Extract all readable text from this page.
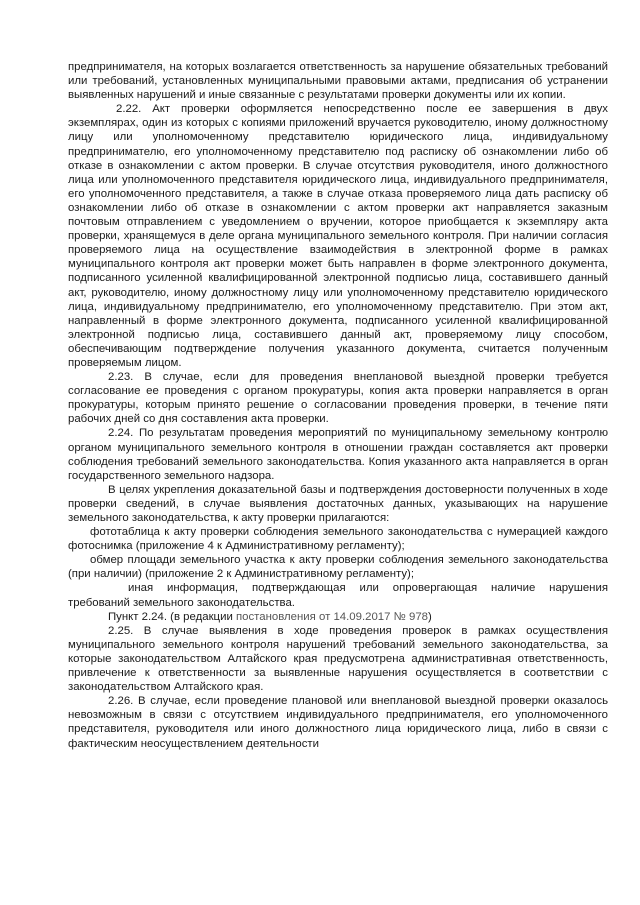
предпринимателя, на которых возлагается ответственность за нарушение обязательных требований или требований, установленных муниципальными правовыми актами, предписания об устранении выявленных нарушений и иные связанные с результатами проверки документы или их копии.

2.22. Акт проверки оформляется непосредственно после ее завершения в двух экземплярах, один из которых с копиями приложений вручается руководителю, иному должностному лицу или уполномоченному представителю юридического лица, индивидуальному предпринимателю, его уполномоченному представителю под расписку об ознакомлении либо об отказе в ознакомлении с актом проверки. В случае отсутствия руководителя, иного должностного лица или уполномоченного представителя юридического лица, индивидуального предпринимателя, его уполномоченного представителя, а также в случае отказа проверяемого лица дать расписку об ознакомлении либо об отказе в ознакомлении с актом проверки акт направляется заказным почтовым отправлением с уведомлением о вручении, которое приобщается к экземпляру акта проверки, хранящемуся в деле органа муниципального земельного контроля. При наличии согласия проверяемого лица на осуществление взаимодействия в электронной форме в рамках муниципального контроля акт проверки может быть направлен в форме электронного документа, подписанного усиленной квалифицированной электронной подписью лица, составившего данный акт, руководителю, иному должностному лицу или уполномоченному представителю юридического лица, индивидуальному предпринимателю, его уполномоченному представителю. При этом акт, направленный в форме электронного документа, подписанного усиленной квалифицированной электронной подписью лица, составившего данный акт, проверяемому лицу способом, обеспечивающим подтверждение получения указанного документа, считается полученным проверяемым лицом.

2.23. В случае, если для проведения внеплановой выездной проверки требуется согласование ее проведения с органом прокуратуры, копия акта проверки направляется в орган прокуратуры, которым принято решение о согласовании проведения проверки, в течение пяти рабочих дней со дня составления акта проверки.

2.24. По результатам проведения мероприятий по муниципальному земельному контролю органом муниципального земельного контроля в отношении граждан составляется акт проверки соблюдения требований земельного законодательства. Копия указанного акта направляется в орган государственного земельного надзора.

В целях укрепления доказательной базы и подтверждения достоверности полученных в ходе проверки сведений, в случае выявления достаточных данных, указывающих на нарушение земельного законодательства, к акту проверки прилагаются:

фототаблица к акту проверки соблюдения земельного законодательства с нумерацией каждого фотоснимка (приложение 4 к Административному регламенту);

обмер площади земельного участка к акту проверки соблюдения земельного законодательства (при наличии) (приложение 2 к Административному регламенту);

иная информация, подтверждающая или опровергающая наличие нарушения требований земельного законодательства.

Пункт 2.24. (в редакции постановления от 14.09.2017 № 978)

2.25. В случае выявления в ходе проведения проверок в рамках осуществления муниципального земельного контроля нарушений требований земельного законодательства, за которые законодательством Алтайского края предусмотрена административная ответственность, привлечение к ответственности за выявленные нарушения осуществляется в соответствии с законодательством Алтайского края.

2.26. В случае, если проведение плановой или внеплановой выездной проверки оказалось невозможным в связи с отсутствием индивидуального предпринимателя, его уполномоченного представителя, руководителя или иного должностного лица юридического лица, либо в связи с фактическим неосуществлением деятельности
